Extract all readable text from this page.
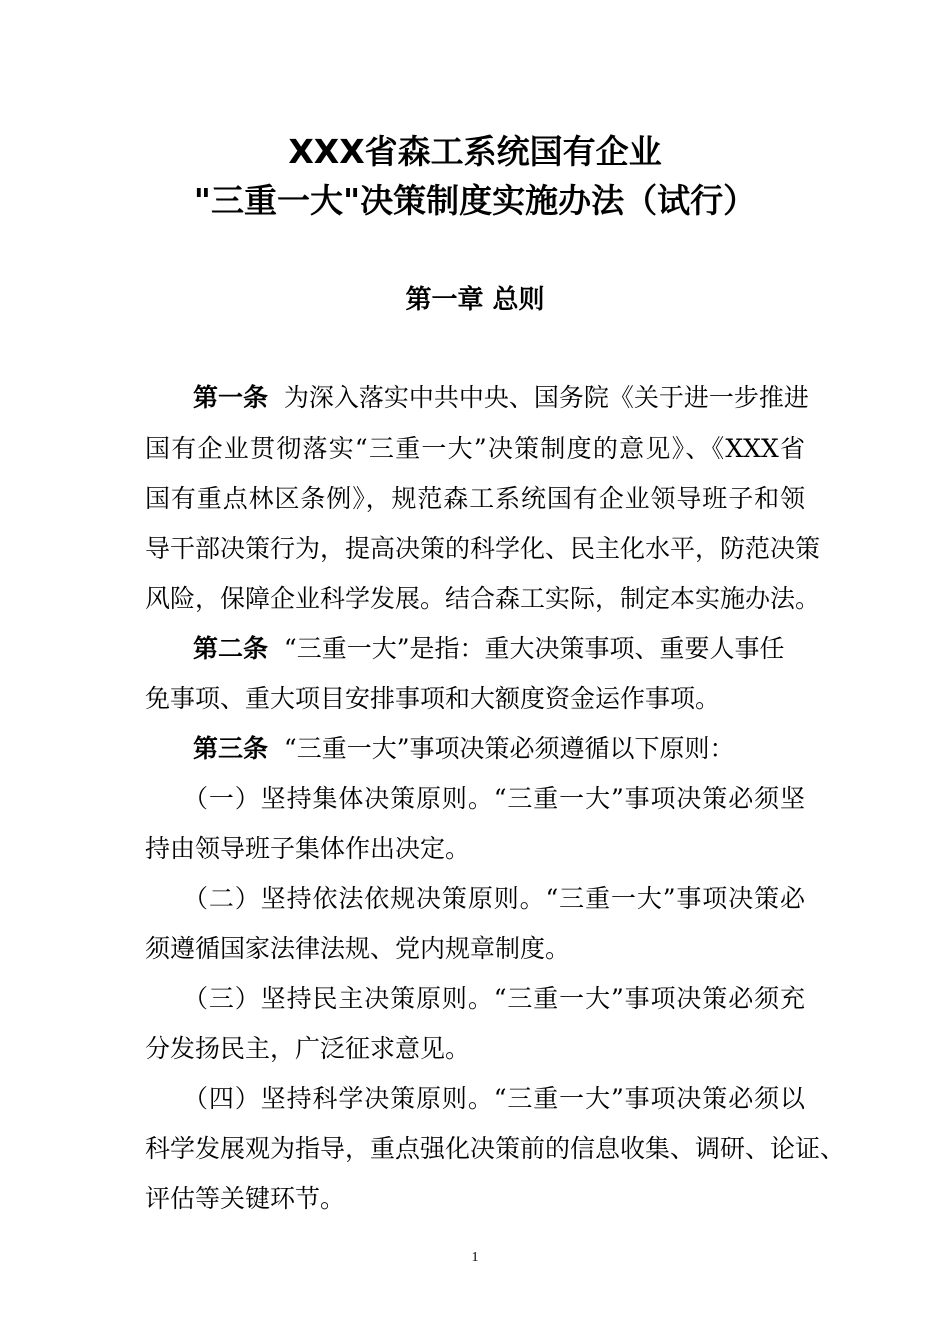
XXX省森工系统国有企业
"三重一大"决策制度实施办法（试行）
第一章 总则
第一条 为深入落实中共中央、国务院《关于进一步推进
国有企业贯彻落实“三重一大”决策制度的意见》、《XXX省
国有重点林区条例》，规范森工系统国有企业领导班子和领
导干部决策行为，提高决策的科学化、民主化水平，防范决策
风险，保障企业科学发展。结合森工实际，制定本实施办法。
第二条 “三重一大”是指：重大决策事项、重要人事任
免事项、重大项目安排事项和大额度资金运作事项。
第三条 “三重一大”事项决策必须遵循以下原则：
（一）坚持集体决策原则。“三重一大”事项决策必须坚
持由领导班子集体作出决定。
（二）坚持依法依规决策原则。“三重一大”事项决策必
须遵循国家法律法规、党内规章制度。
（三）坚持民主决策原则。“三重一大”事项决策必须充
分发扬民主，广泛征求意见。
（四）坚持科学决策原则。“三重一大”事项决策必须以
科学发展观为指导，重点强化决策前的信息收集、调研、论证、
评估等关键环节。
1
